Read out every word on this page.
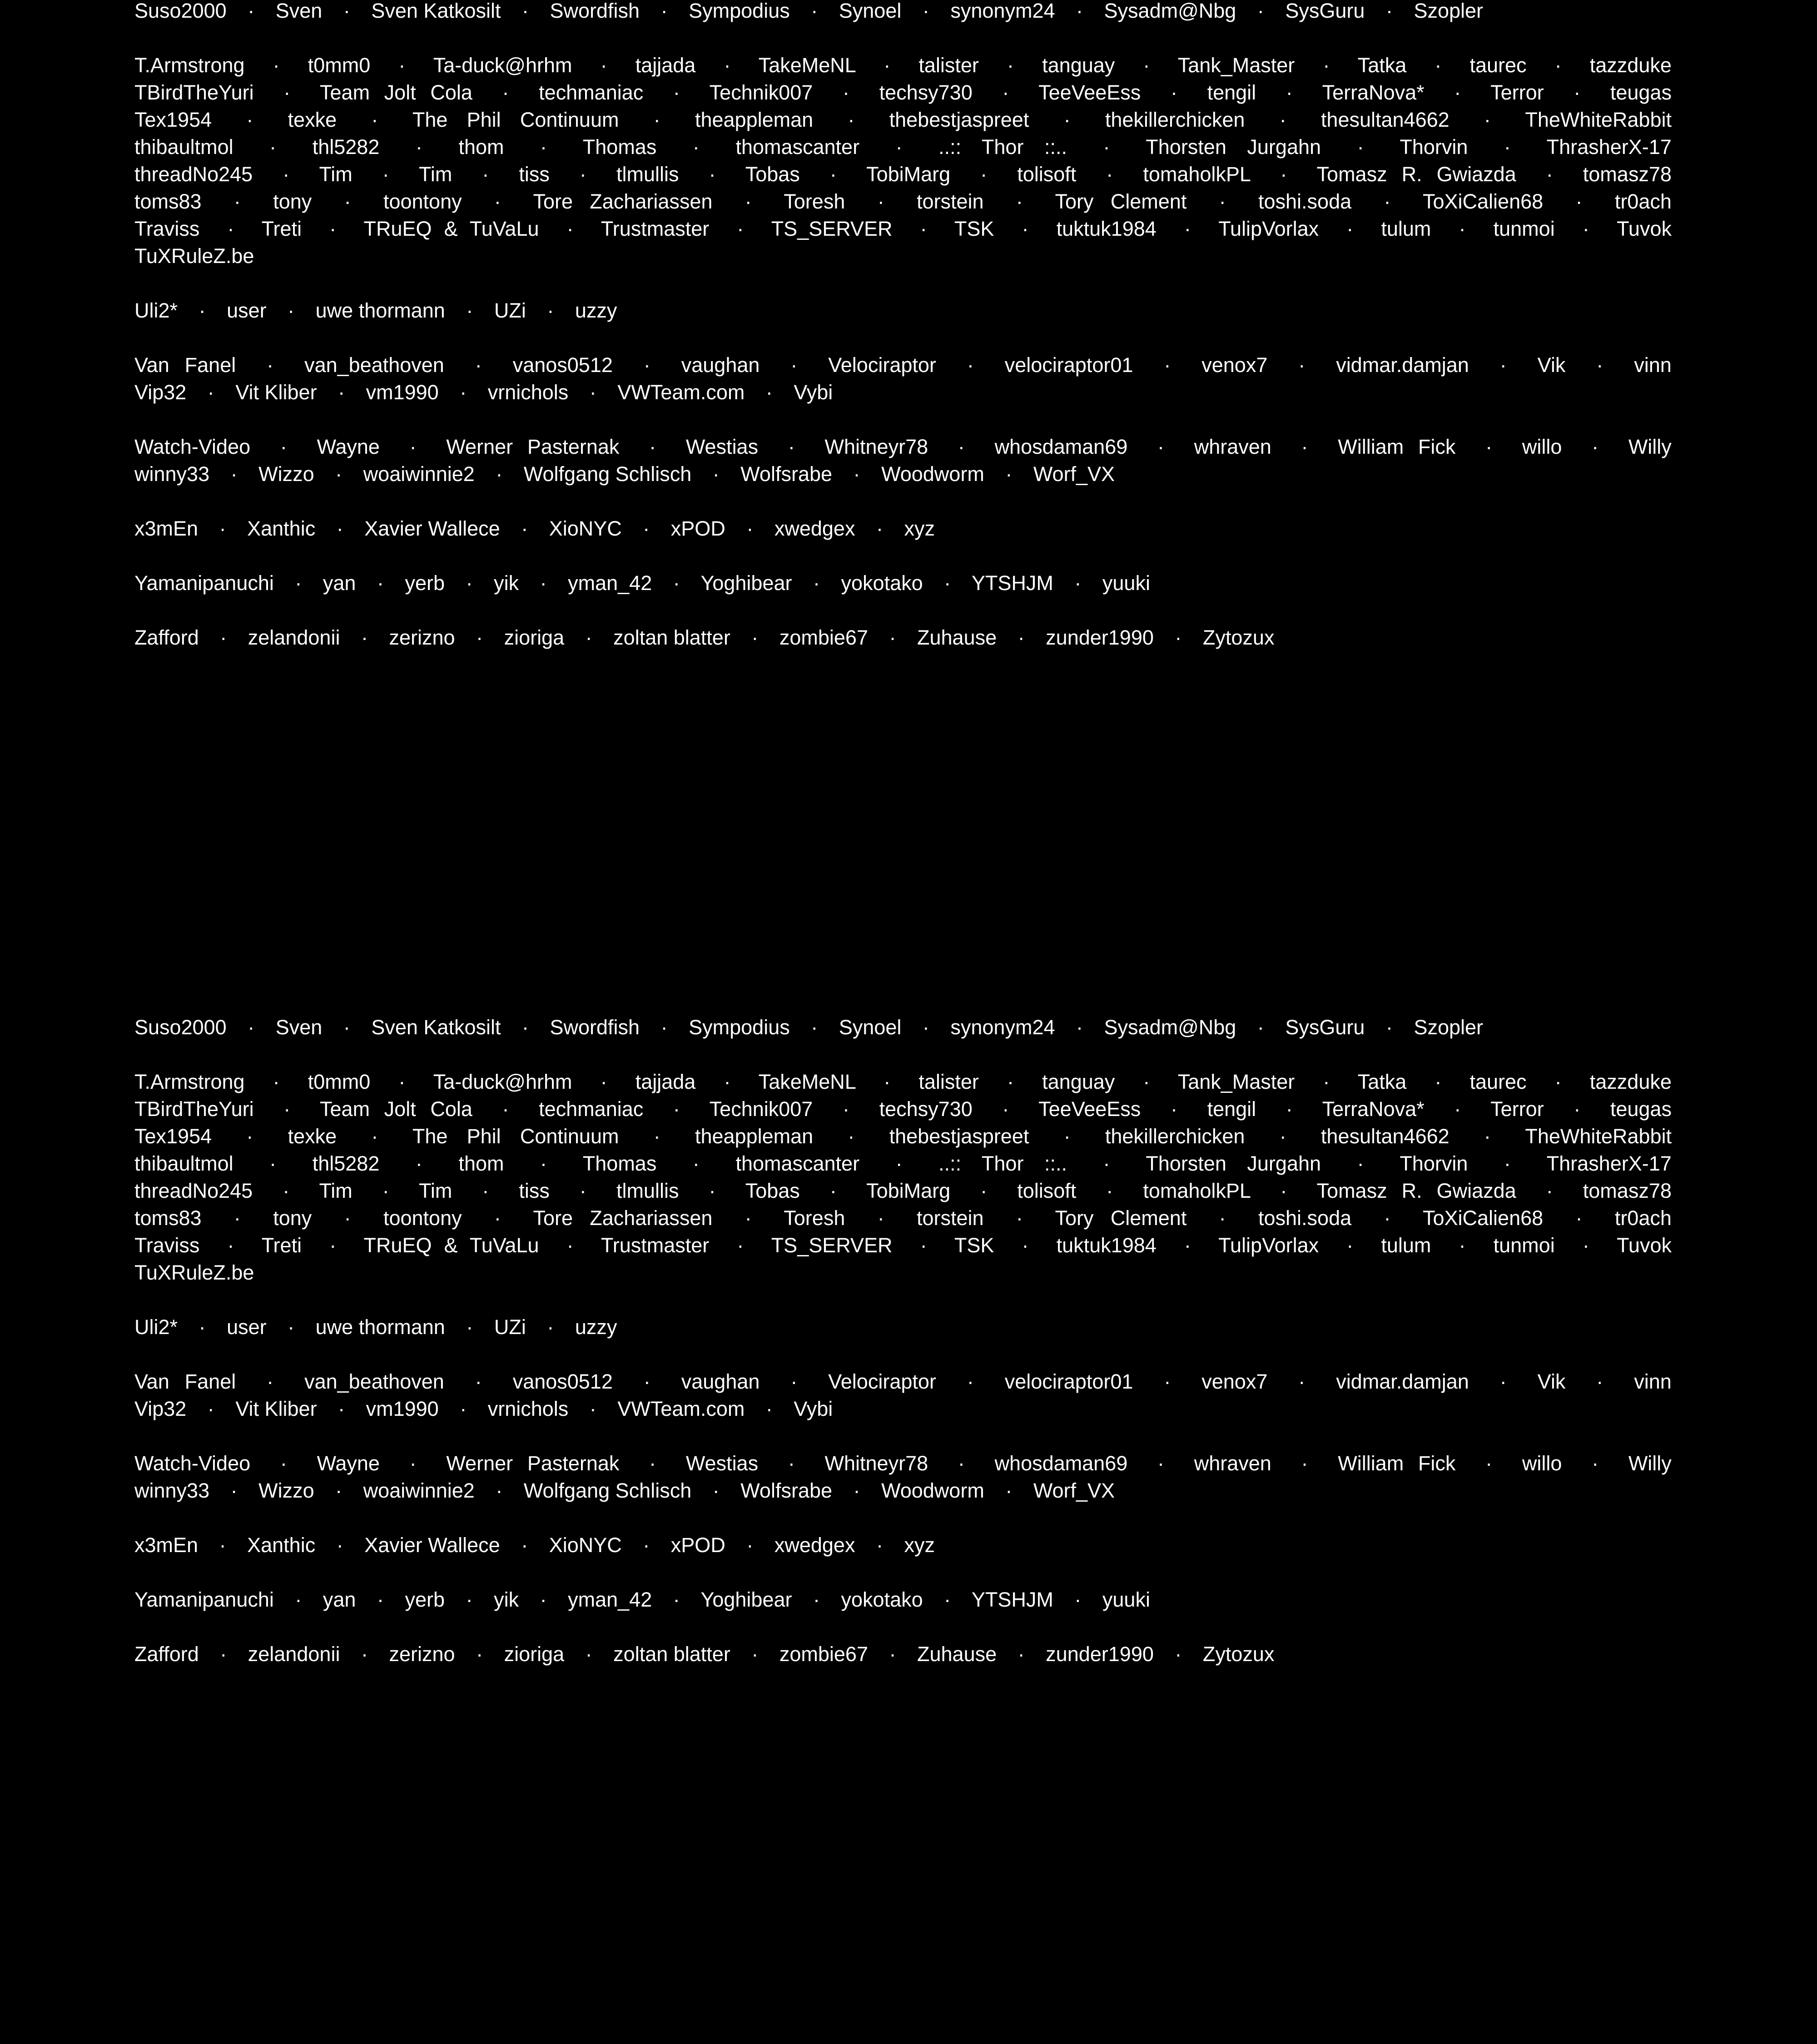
Suso2000 · Sven · Sven Katkosilt · Swordfish · Sympodius · Synoel · synonym24 · Sysadm@Nbg · SysGuru · Szopler
T.Armstrong · t0mm0 · Ta-duck@hrhm · tajjada · TakeMeNL · talister · tanguay · Tank_Master · Tatka · taurec · tazzduke
TBirdTheYuri · Team Jolt Cola · techmaniac · Technik007 · techsy730 · TeeVeeEss · tengil · TerraNova* · Terror · teugas
Tex1954 · texke · The Phil Continuum · theappleman · thebestjaspreet · thekillerchicken · thesultan4662 · TheWhiteRabbit
thibaultmol · thl5282 · thom · Thomas · thomascanter · ..:: Thor ::.. · Thorsten Jurgahn · Thorvin · ThrasherX-17
threadNo245 · Tim · Tim · tiss · tlmullis · Tobas · TobiMarg · tolisoft · tomaholkPL · Tomasz R. Gwiazda · tomasz78
toms83 · tony · toontony · Tore Zachariassen · Toresh · torstein · Tory Clement · toshi.soda · ToXiCalien68 · tr0ach
Traviss · Treti · TRuEQ & TuVaLu · Trustmaster · TS_SERVER · TSK · tuktuk1984 · TulipVorlax · tulum · tunmoi · Tuvok
TuXRuleZ.be
Uli2* · user · uwe thormann · UZi · uzzy
Van Fanel · van_beathoven · vanos0512 · vaughan · Velociraptor · velociraptor01 · venox7 · vidmar.damjan · Vik · vinn
Vip32 · Vit Kliber · vm1990 · vrnichols · VWTeam.com · Vybi
Watch-Video · Wayne · Werner Pasternak · Westias · Whitneyr78 · whosdaman69 · whraven · William Fick · willo · Willy
winny33 · Wizzo · woaiwinnie2 · Wolfgang Schlisch · Wolfsrabe · Woodworm · Worf_VX
x3mEn · Xanthic · Xavier Wallece · XioNYC · xPOD · xwedgex · xyz
Yamanipanuchi · yan · yerb · yik · yman_42 · Yoghibear · yokotako · YTSHJM · yuuki
Zafford · zelandonii · zerizno · zioriga · zoltan blatter · zombie67 · Zuhause · zunder1990 · Zytozux
Suso2000 · Sven · Sven Katkosilt · Swordfish · Sympodius · Synoel · synonym24 · Sysadm@Nbg · SysGuru · Szopler
T.Armstrong · t0mm0 · Ta-duck@hrhm · tajjada · TakeMeNL · talister · tanguay · Tank_Master · Tatka · taurec · tazzduke
TBirdTheYuri · Team Jolt Cola · techmaniac · Technik007 · techsy730 · TeeVeeEss · tengil · TerraNova* · Terror · teugas
Tex1954 · texke · The Phil Continuum · theappleman · thebestjaspreet · thekillerchicken · thesultan4662 · TheWhiteRabbit
thibaultmol · thl5282 · thom · Thomas · thomascanter · ..:: Thor ::.. · Thorsten Jurgahn · Thorvin · ThrasherX-17
threadNo245 · Tim · Tim · tiss · tlmullis · Tobas · TobiMarg · tolisoft · tomaholkPL · Tomasz R. Gwiazda · tomasz78
toms83 · tony · toontony · Tore Zachariassen · Toresh · torstein · Tory Clement · toshi.soda · ToXiCalien68 · tr0ach
Traviss · Treti · TRuEQ & TuVaLu · Trustmaster · TS_SERVER · TSK · tuktuk1984 · TulipVorlax · tulum · tunmoi · Tuvok
TuXRuleZ.be
Uli2* · user · uwe thormann · UZi · uzzy
Van Fanel · van_beathoven · vanos0512 · vaughan · Velociraptor · velociraptor01 · venox7 · vidmar.damjan · Vik · vinn
Vip32 · Vit Kliber · vm1990 · vrnichols · VWTeam.com · Vybi
Watch-Video · Wayne · Werner Pasternak · Westias · Whitneyr78 · whosdaman69 · whraven · William Fick · willo · Willy
winny33 · Wizzo · woaiwinnie2 · Wolfgang Schlisch · Wolfsrabe · Woodworm · Worf_VX
x3mEn · Xanthic · Xavier Wallece · XioNYC · xPOD · xwedgex · xyz
Yamanipanuchi · yan · yerb · yik · yman_42 · Yoghibear · yokotako · YTSHJM · yuuki
Zafford · zelandonii · zerizno · zioriga · zoltan blatter · zombie67 · Zuhause · zunder1990 · Zytozux
